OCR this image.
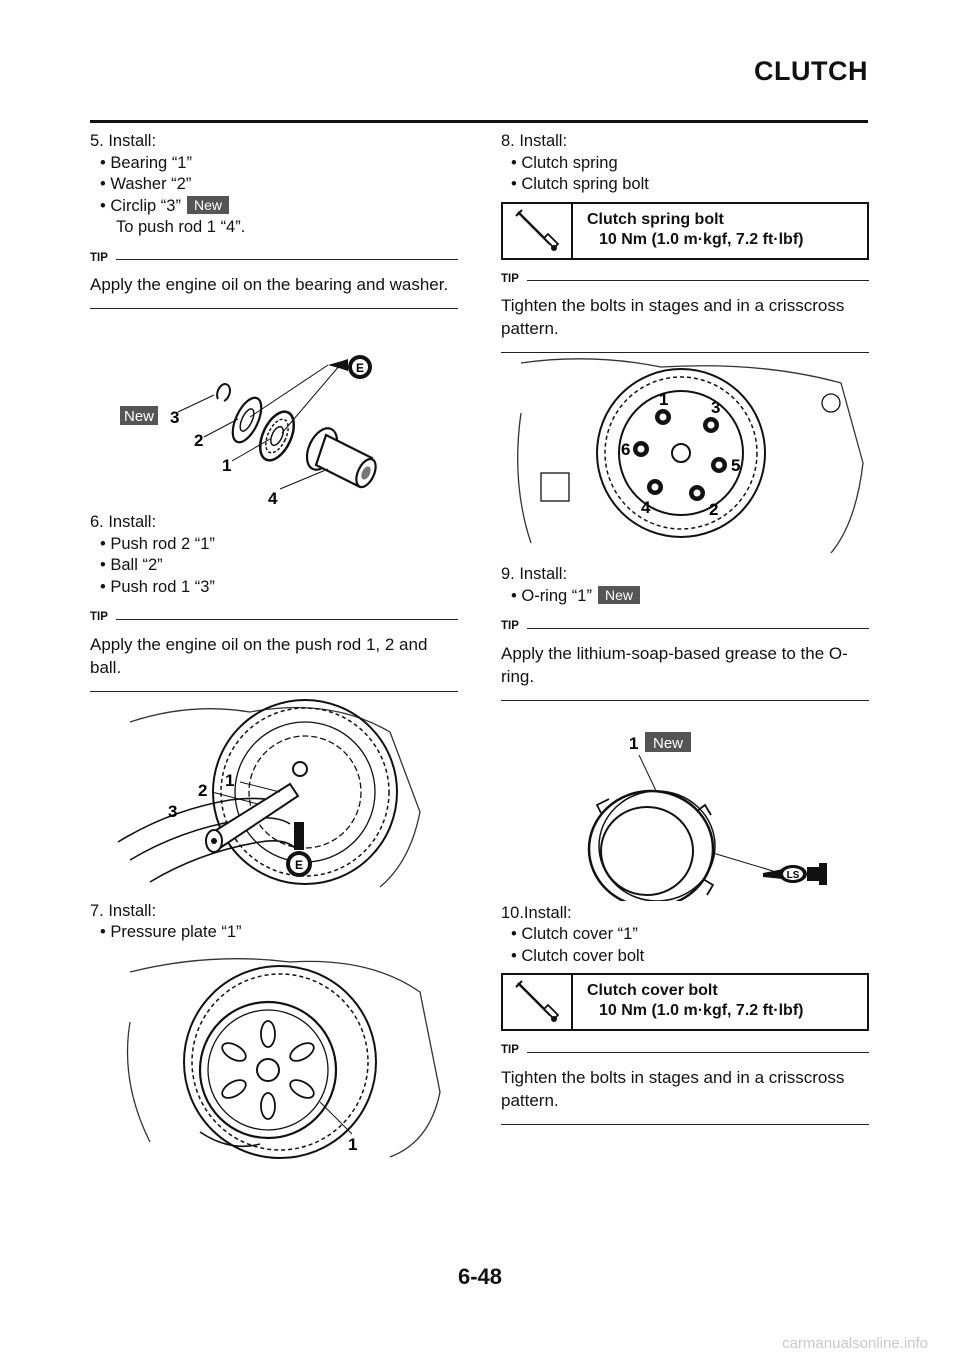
CLUTCH

5. Install:

• Bearing “1”

• Washer “2”

• Circlip “3” New

To push rod 1 “4”.

TIP

Apply the engine oil on the bearing and washer.

New 3
2
1
4
E

6. Install:

• Push rod 2 “1”

• Ball “2”

• Push rod 1 “3”

TIP

Apply the engine oil on the push rod 1, 2 and ball.

3
2
1
E

7. Install:

• Pressure plate “1”

1

8. Install:

• Clutch spring

• Clutch spring bolt

Clutch spring bolt
10 Nm (1.0 m·kgf, 7.2 ft·lbf)
TIP

Tighten the bolts in stages and in a crisscross pattern.

1
2
3
4
5
6

9. Install:

• O-ring “1” New

TIP

Apply the lithium-soap-based grease to the O-ring.

1 New
LS

10.Install:

• Clutch cover “1”

• Clutch cover bolt

Clutch cover bolt
10 Nm (1.0 m·kgf, 7.2 ft·lbf)
TIP

Tighten the bolts in stages and in a crisscross pattern.

6-48
carmanualsonline.info
